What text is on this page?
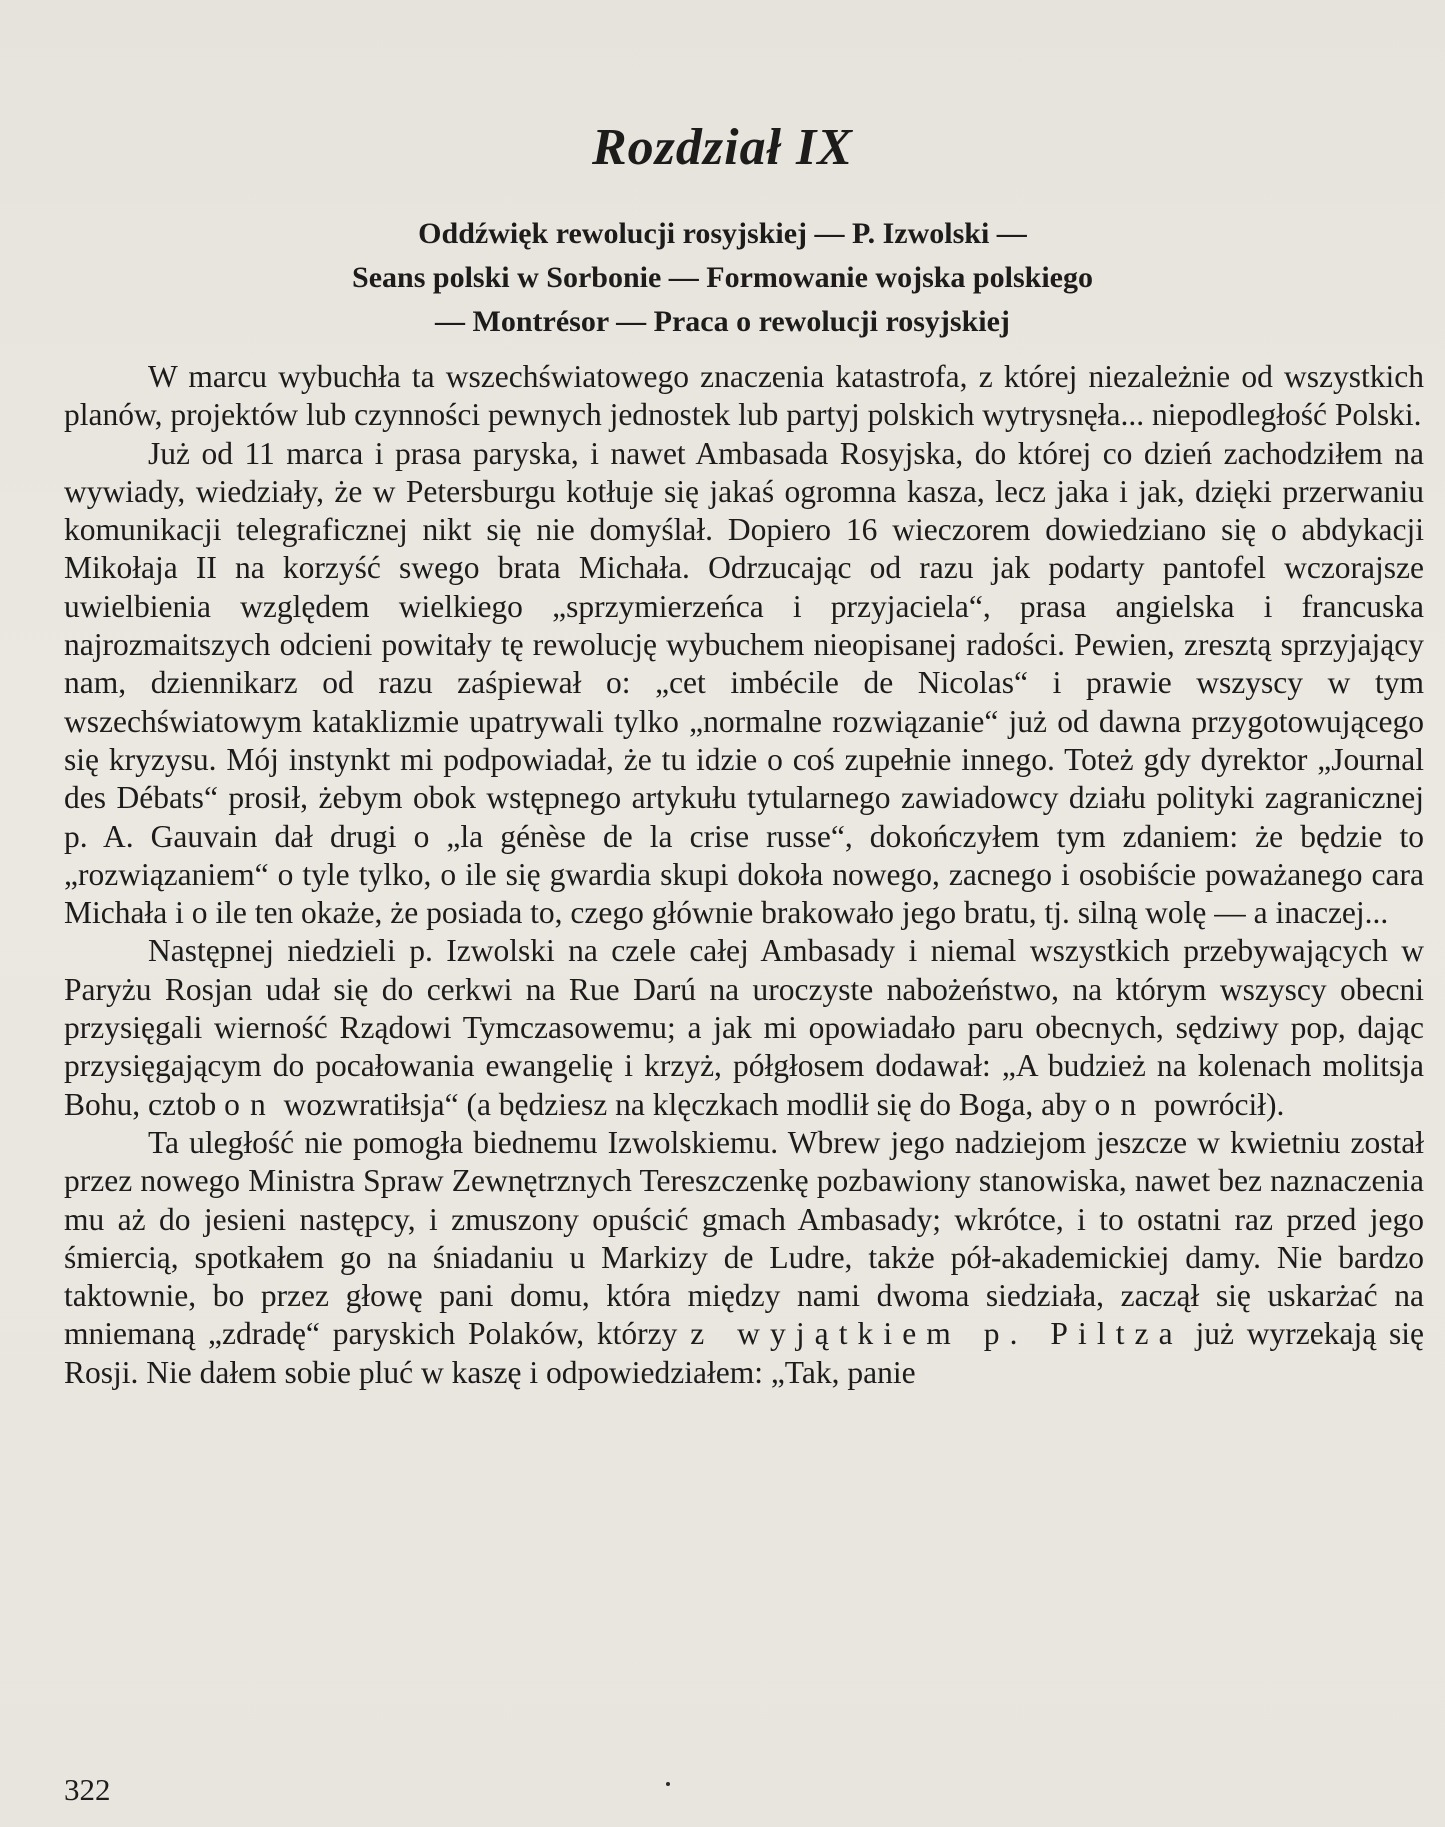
Rozdział IX
Oddźwięk rewolucji rosyjskiej — P. Izwolski —
Seans polski w Sorbonie — Formowanie wojska polskiego
— Montrésor — Praca o rewolucji rosyjskiej

W marcu wybuchła ta wszechświatowego znaczenia katastrofa, z której niezależnie od wszystkich planów, projektów lub czynności pewnych jednostek lub partyj polskich wytrysnęła... niepodległość Polski.

Już od 11 marca i prasa paryska, i nawet Ambasada Rosyjska, do której co dzień zachodziłem na wywiady, wiedziały, że w Petersburgu kotłuje się jakaś ogromna kasza, lecz jaka i jak, dzięki przerwaniu komunikacji telegraficznej nikt się nie domyślał. Dopiero 16 wieczorem dowiedziano się o abdykacji Mikołaja II na korzyść swego brata Michała. Odrzucając od razu jak podarty pantofel wczorajsze uwielbienia względem wielkiego „sprzymierzeńca i przyjaciela“, prasa angielska i francuska najrozmaitszych odcieni powitały tę rewolucję wybuchem nieopisanej radości. Pewien, zresztą sprzyjający nam, dziennikarz od razu zaśpiewał o: „cet imbécile de Nicolas“ i prawie wszyscy w tym wszechświatowym kataklizmie upatrywali tylko „normalne rozwiązanie“ już od dawna przygotowującego się kryzysu. Mój instynkt mi podpowiadał, że tu idzie o coś zupełnie innego. Toteż gdy dyrektor „Journal des Débats“ prosił, żebym obok wstępnego artykułu tytularnego zawiadowcy działu polityki zagranicznej p. A. Gauvain dał drugi o „la génèse de la crise russe“, dokończyłem tym zdaniem: że będzie to „rozwiązaniem“ o tyle tylko, o ile się gwardia skupi dokoła nowego, zacnego i osobiście poważanego cara Michała i o ile ten okaże, że posiada to, czego głównie brakowało jego bratu, tj. silną wolę — a inaczej...

Następnej niedzieli p. Izwolski na czele całej Ambasady i niemal wszystkich przebywających w Paryżu Rosjan udał się do cerkwi na Rue Darú na uroczyste nabożeństwo, na którym wszyscy obecni przysięgali wierność Rządowi Tymczasowemu; a jak mi opowiadało paru obecnych, sędziwy pop, dając przysięgającym do pocałowania ewangelię i krzyż, półgłosem dodawał: „A budzież na kolenach molitsja Bohu, cztob on wozwratiłsja“ (a będziesz na klęczkach modlił się do Boga, aby on powrócił).

Ta uległość nie pomogła biednemu Izwolskiemu. Wbrew jego nadziejom jeszcze w kwietniu został przez nowego Ministra Spraw Zewnętrznych Tereszczenkę pozbawiony stanowiska, nawet bez naznaczenia mu aż do jesieni następcy, i zmuszony opuścić gmach Ambasady; wkrótce, i to ostatni raz przed jego śmiercią, spotkałem go na śniadaniu u Markizy de Ludre, także pół-akademickiej damy. Nie bardzo taktownie, bo przez głowę pani domu, która między nami dwoma siedziała, zaczął się uskarżać na mniemaną „zdradę“ paryskich Polaków, którzy z wyjątkiem p. Piltza już wyrzekają się Rosji. Nie dałem sobie pluć w kaszę i odpowiedziałem: „Tak, panie

322
